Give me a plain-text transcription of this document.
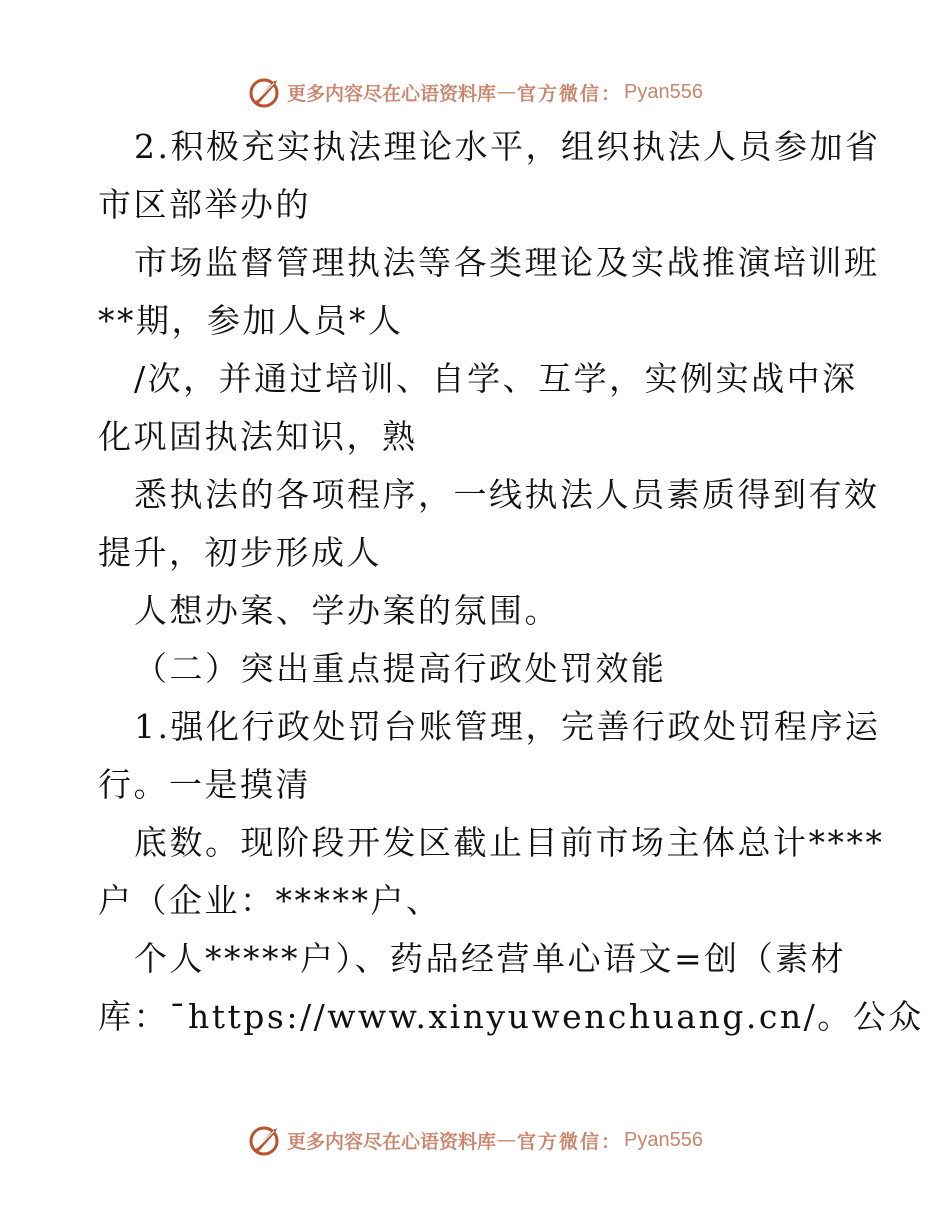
更多内容尽在心语资料库 — 官方微信： Pyan556
2.积极充实执法理论水平，组织执法人员参加省
市区部举办的
市场监督管理执法等各类理论及实战推演培训班
**期，参加人员*人
/次，并通过培训、自学、互学，实例实战中深
化巩固执法知识，熟
悉执法的各项程序，一线执法人员素质得到有效
提升，初步形成人
人想办案、学办案的氛围。
（二）突出重点提高行政处罚效能
1.强化行政处罚台账管理，完善行政处罚程序运
行。一是摸清
底数。现阶段开发区截止目前市场主体总计****
户（企业：*****户、
个人*****户）、药品经营单心语文=创（素材
库：¯https://www.xinyuwenchuang.cn/。公众
更多内容尽在心语资料库 — 官方微信： Pyan556
